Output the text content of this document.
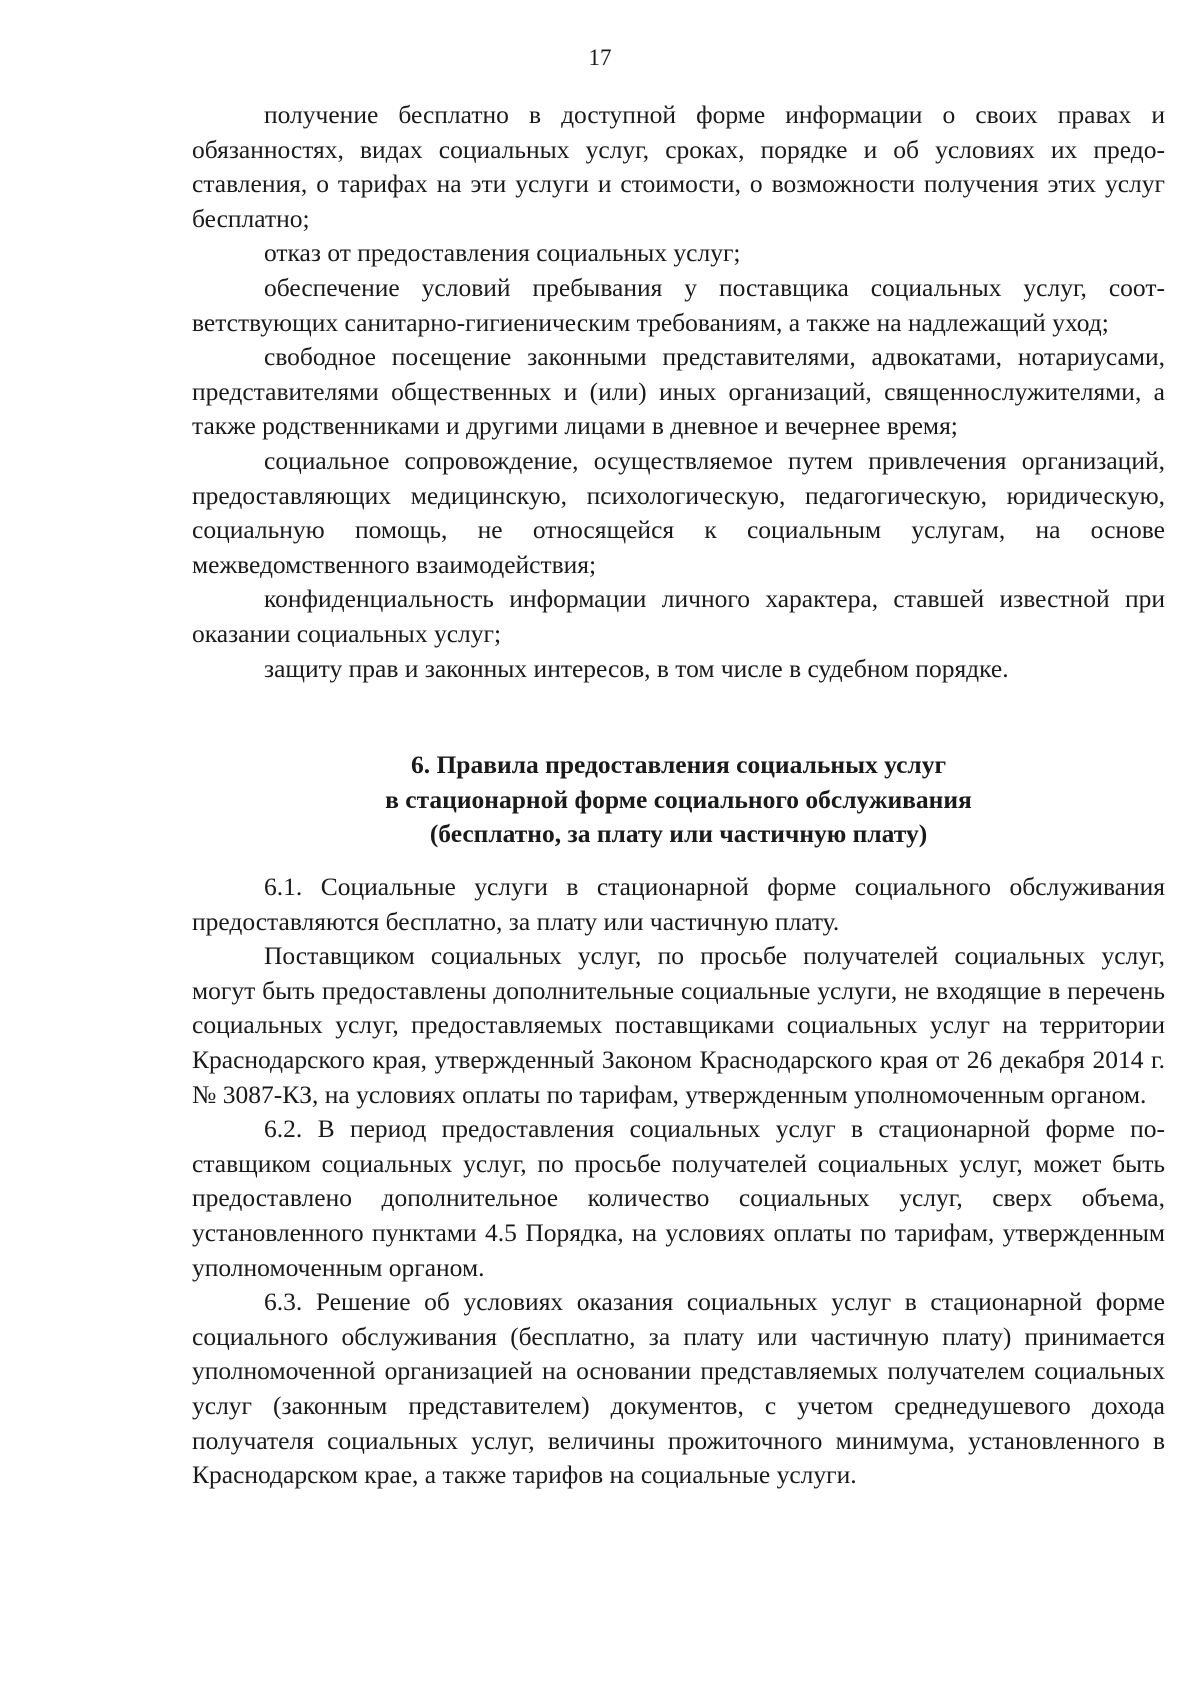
17

получение бесплатно в доступной форме информации о своих правах и обязанностях, видах социальных услуг, сроках, порядке и об условиях их предоставления, о тарифах на эти услуги и стоимости, о возможности получения этих услуг бесплатно;

отказ от предоставления социальных услуг;

обеспечение условий пребывания у поставщика социальных услуг, соответствующих санитарно-гигиеническим требованиям, а также на надлежащий уход;

свободное посещение законными представителями, адвокатами, нотариусами, представителями общественных и (или) иных организаций, священнослужителями, а также родственниками и другими лицами в дневное и вечернее время;

социальное сопровождение, осуществляемое путем привлечения организаций, предоставляющих медицинскую, психологическую, педагогическую, юридическую, социальную помощь, не относящейся к социальным услугам, на основе межведомственного взаимодействия;

конфиденциальность информации личного характера, ставшей известной при оказании социальных услуг;

защиту прав и законных интересов, в том числе в судебном порядке.

6. Правила предоставления социальных услуг
в стационарной форме социального обслуживания
(бесплатно, за плату или частичную плату)

6.1. Социальные услуги в стационарной форме социального обслуживания предоставляются бесплатно, за плату или частичную плату.

Поставщиком социальных услуг, по просьбе получателей социальных услуг, могут быть предоставлены дополнительные социальные услуги, не входящие в перечень социальных услуг, предоставляемых поставщиками социальных услуг на территории Краснодарского края, утвержденный Законом Краснодарского края от 26 декабря 2014 г. № 3087-КЗ, на условиях оплаты по тарифам, утвержденным уполномоченным органом.

6.2. В период предоставления социальных услуг в стационарной форме поставщиком социальных услуг, по просьбе получателей социальных услуг, может быть предоставлено дополнительное количество социальных услуг, сверх объема, установленного пунктами 4.5 Порядка, на условиях оплаты по тарифам, утвержденным уполномоченным органом.

6.3. Решение об условиях оказания социальных услуг в стационарной форме социального обслуживания (бесплатно, за плату или частичную плату) принимается уполномоченной организацией на основании представляемых получателем социальных услуг (законным представителем) документов, с учетом среднедушевого дохода получателя социальных услуг, величины прожиточного минимума, установленного в Краснодарском крае, а также тарифов на социальные услуги.
